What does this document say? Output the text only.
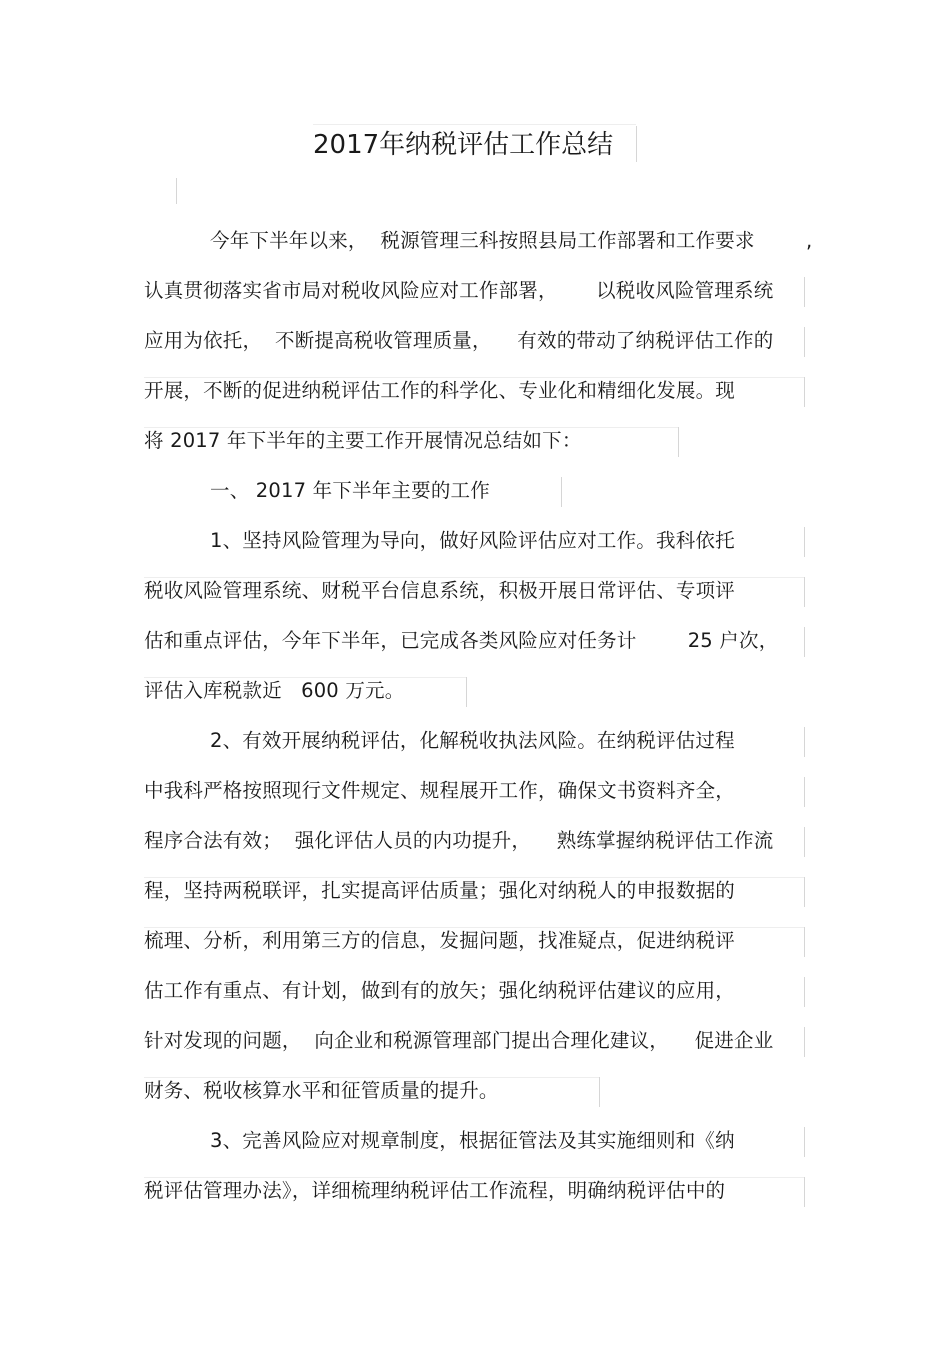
2017年纳税评估工作总结
今年下半年以来，  税源管理三科按照县局工作部署和工作要求	,
认真贯彻落实省市局对税收风险应对工作部署，      以税收风险管理系统
应用为依托，  不断提高税收管理质量，    有效的带动了纳税评估工作的
开展，不断的促进纳税评估工作的科学化、专业化和精细化发展。现
将 2017 年下半年的主要工作开展情况总结如下：
一、 2017 年下半年主要的工作
1、坚持风险管理为导向，做好风险评估应对工作。我科依托
税收风险管理系统、财税平台信息系统，积极开展日常评估、专项评
估和重点评估，今年下半年，已完成各类风险应对任务计        25 户次，
评估入库税款近   600 万元。
2、有效开展纳税评估，化解税收执法风险。在纳税评估过程
中我科严格按照现行文件规定、规程展开工作，确保文书资料齐全，
程序合法有效；  强化评估人员的内功提升，    熟练掌握纳税评估工作流
程，坚持两税联评，扎实提高评估质量；强化对纳税人的申报数据的
梳理、分析，利用第三方的信息，发掘问题，找准疑点，促进纳税评
估工作有重点、有计划，做到有的放矢；强化纳税评估建议的应用，
针对发现的问题，  向企业和税源管理部门提出合理化建议，    促进企业
财务、税收核算水平和征管质量的提升。
3、完善风险应对规章制度，根据征管法及其实施细则和《纳
税评估管理办法》，详细梳理纳税评估工作流程，明确纳税评估中的
